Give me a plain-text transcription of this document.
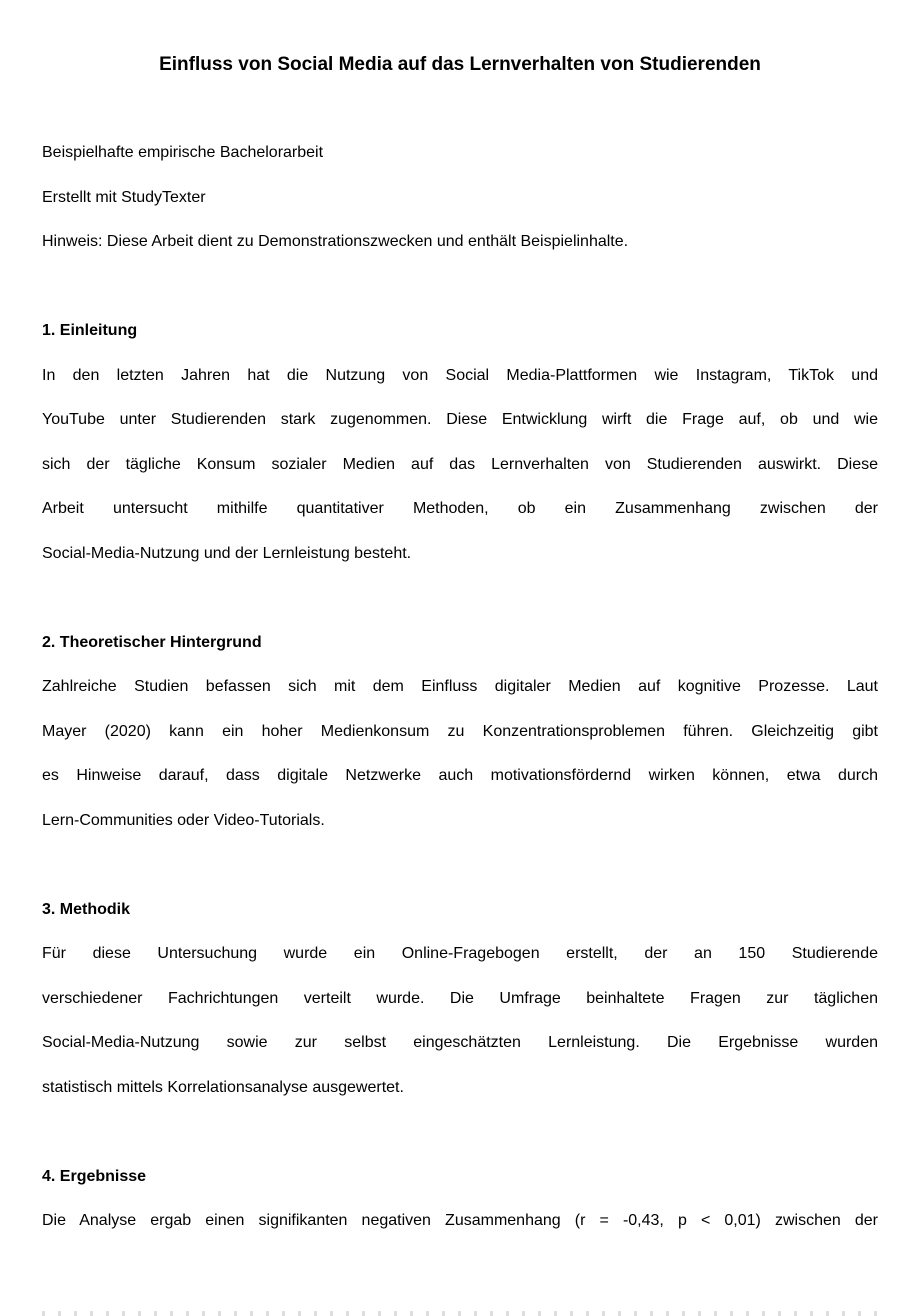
Einfluss von Social Media auf das Lernverhalten von Studierenden
Beispielhafte empirische Bachelorarbeit
Erstellt mit StudyTexter
Hinweis: Diese Arbeit dient zu Demonstrationszwecken und enthält Beispielinhalte.
1. Einleitung
In den letzten Jahren hat die Nutzung von Social Media-Plattformen wie Instagram, TikTok und
YouTube unter Studierenden stark zugenommen. Diese Entwicklung wirft die Frage auf, ob und wie
sich der tägliche Konsum sozialer Medien auf das Lernverhalten von Studierenden auswirkt. Diese
Arbeit untersucht mithilfe quantitativer Methoden, ob ein Zusammenhang zwischen der
Social-Media-Nutzung und der Lernleistung besteht.
2. Theoretischer Hintergrund
Zahlreiche Studien befassen sich mit dem Einfluss digitaler Medien auf kognitive Prozesse. Laut
Mayer (2020) kann ein hoher Medienkonsum zu Konzentrationsproblemen führen. Gleichzeitig gibt
es Hinweise darauf, dass digitale Netzwerke auch motivationsfördernd wirken können, etwa durch
Lern-Communities oder Video-Tutorials.
3. Methodik
Für diese Untersuchung wurde ein Online-Fragebogen erstellt, der an 150 Studierende
verschiedener Fachrichtungen verteilt wurde. Die Umfrage beinhaltete Fragen zur täglichen
Social-Media-Nutzung sowie zur selbst eingeschätzten Lernleistung. Die Ergebnisse wurden
statistisch mittels Korrelationsanalyse ausgewertet.
4. Ergebnisse
Die Analyse ergab einen signifikanten negativen Zusammenhang (r = -0,43, p < 0,01) zwischen der
